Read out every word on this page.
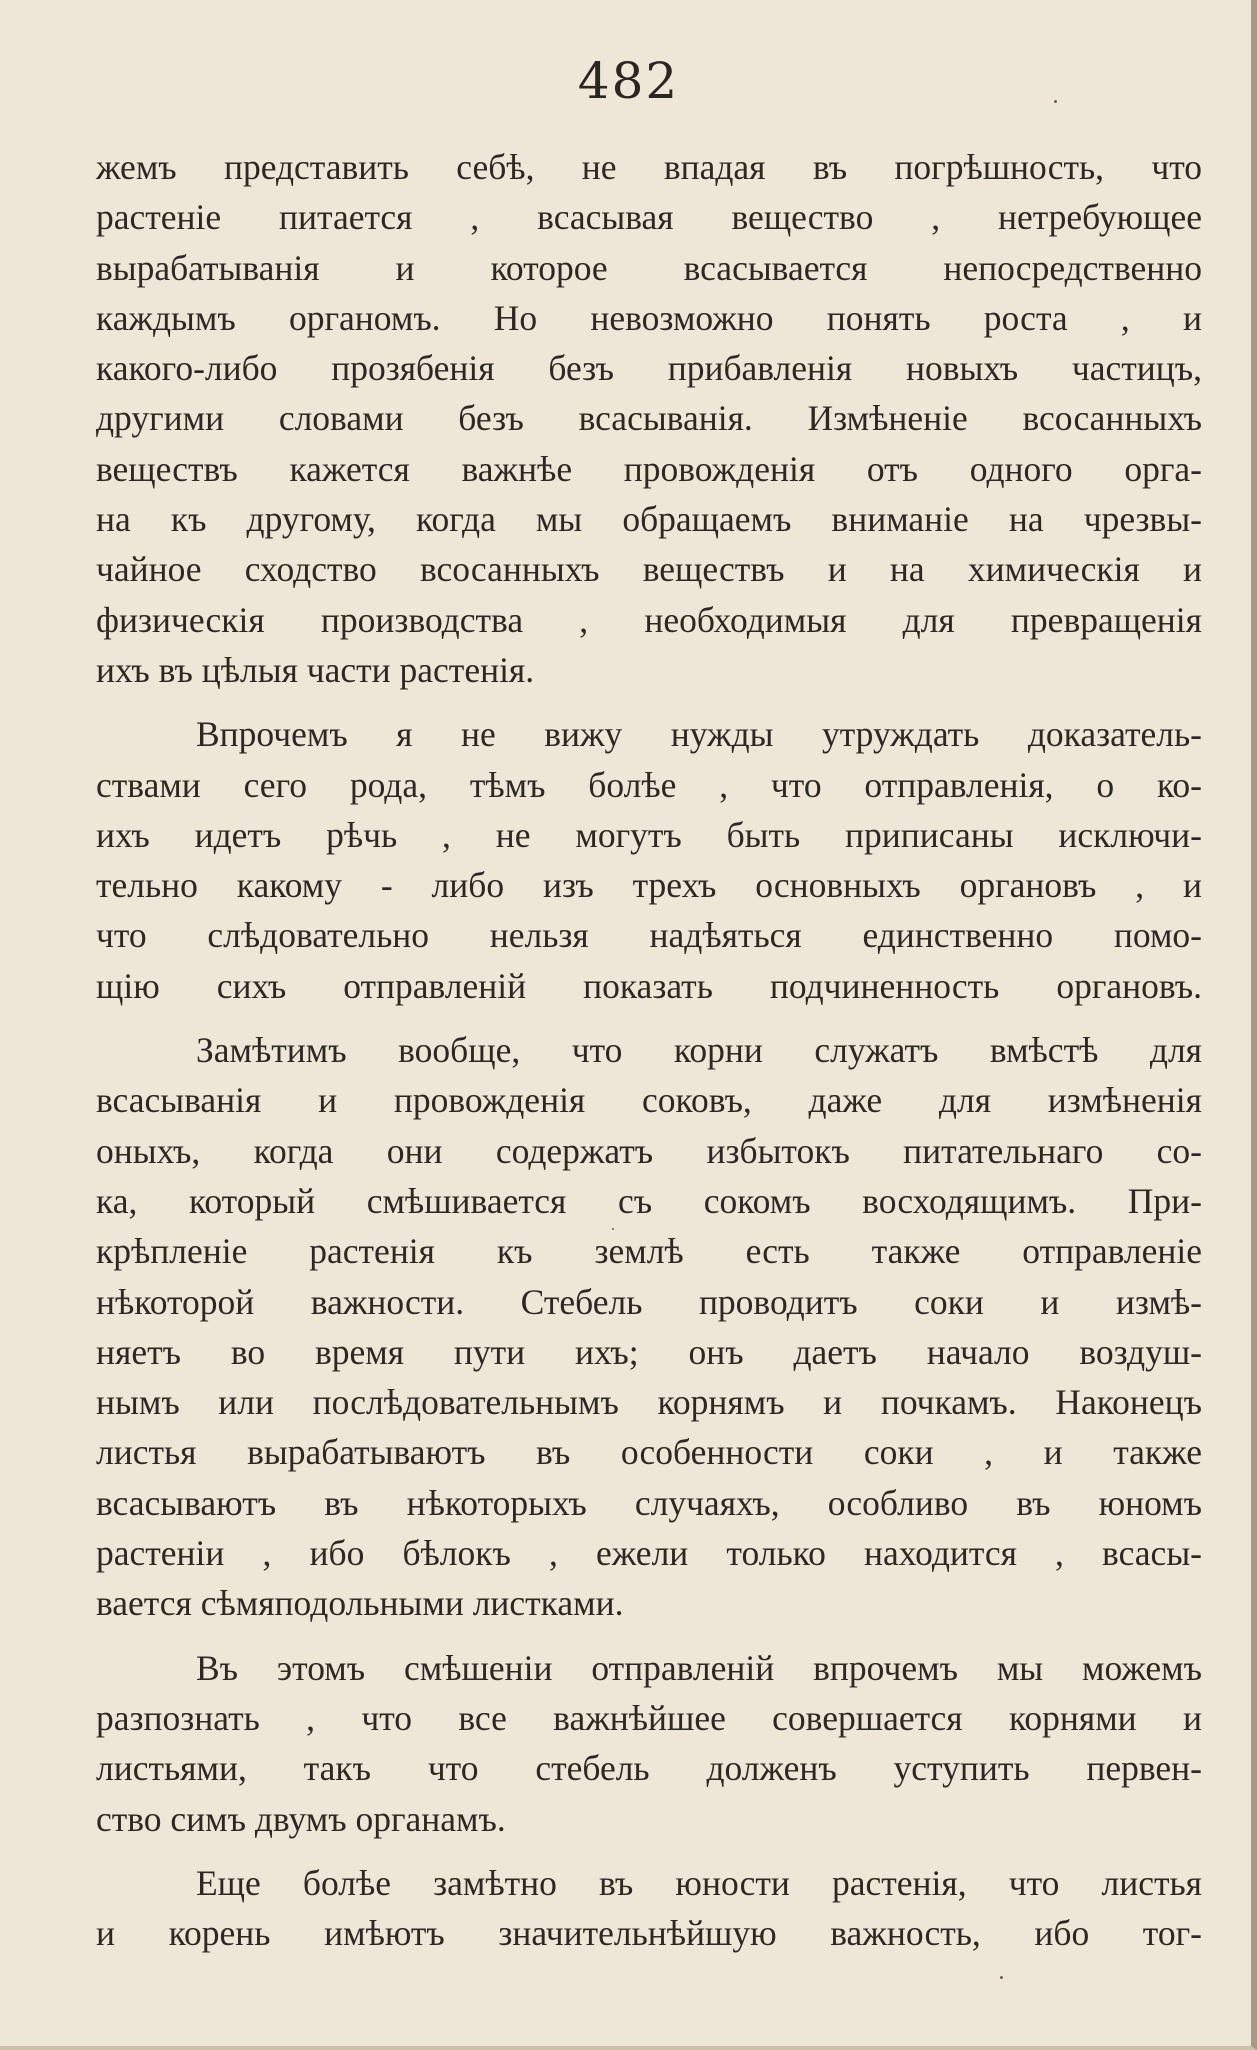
482

жемъ представить себѣ, не впадая въ погрѣшность, что
растеніе питается , всасывая вещество , нетребующее
вырабатыванія и которое всасывается непосредственно
каждымъ органомъ. Но невозможно понять роста , и
какого-либо прозябенія безъ прибавленія новыхъ частицъ,
другими словами безъ всасыванія. Измѣненіе всосанныхъ
веществъ кажется важнѣе провожденія отъ одного орга-
на къ другому, когда мы обращаемъ вниманіе на чрезвы-
чайное сходство всосанныхъ веществъ и на химическія и
физическія производства , необходимыя для превращенія
ихъ въ цѣлыя части растенія.

Впрочемъ я не вижу нужды утруждать доказатель-
ствами сего рода, тѣмъ болѣе , что отправленія, о ко-
ихъ идетъ рѣчь , не могутъ быть приписаны исключи-
тельно какому - либо изъ трехъ основныхъ органовъ , и
что слѣдовательно нельзя надѣяться единственно помо-
щію сихъ отправленій показать подчиненность органовъ.

Замѣтимъ вообще, что корни служатъ вмѣстѣ для
всасыванія и провожденія соковъ, даже для измѣненія
оныхъ, когда они содержатъ избытокъ питательнаго со-
ка, который смѣшивается съ сокомъ восходящимъ. При-
крѣпленіе растенія къ землѣ есть также отправленіе
нѣкоторой важности. Стебель проводитъ соки и измѣ-
няетъ во время пути ихъ; онъ даетъ начало воздуш-
нымъ или послѣдовательнымъ корнямъ и почкамъ. Наконецъ
листья вырабатываютъ въ особенности соки , и также
всасываютъ въ нѣкоторыхъ случаяхъ, особливо въ юномъ
растеніи , ибо бѣлокъ , ежели только находится , всасы-
вается сѣмяподольными листками.

Въ этомъ смѣшеніи отправленій впрочемъ мы можемъ
разпознать , что все важнѣйшее совершается корнями и
листьями, такъ что стебель долженъ уступить первен-
ство симъ двумъ органамъ.

Еще болѣе замѣтно въ юности растенія, что листья
и корень имѣютъ значительнѣйшую важность, ибо тог-
